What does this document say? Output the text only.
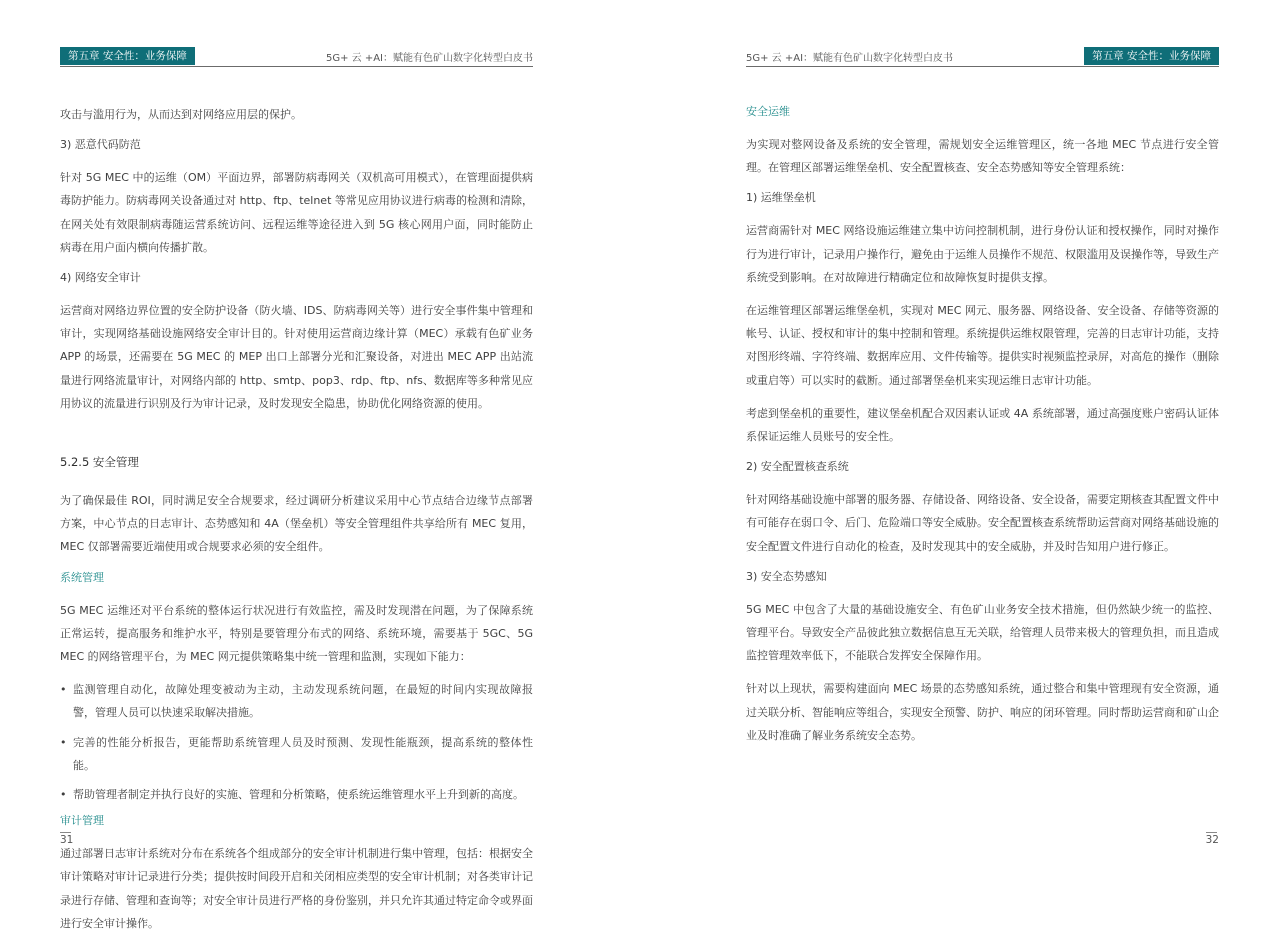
第五章 安全性：业务保障	5G+ 云 +AI：赋能有色矿山数字化转型白皮书

攻击与滥用行为，从而达到对网络应用层的保护。

3) 恶意代码防范

针对 5G MEC 中的运维（OM）平面边界，部署防病毒网关（双机高可用模式），在管理面提供病毒防护能力。防病毒网关设备通过对 http、ftp、telnet 等常见应用协议进行病毒的检测和清除，在网关处有效限制病毒随运营系统访问、远程运维等途径进入到 5G 核心网用户面，同时能防止病毒在用户面内横向传播扩散。

4) 网络安全审计

运营商对网络边界位置的安全防护设备（防火墙、IDS、防病毒网关等）进行安全事件集中管理和审计，实现网络基础设施网络安全审计目的。针对使用运营商边缘计算（MEC）承载有色矿业务 APP 的场景，还需要在 5G MEC 的 MEP 出口上部署分光和汇聚设备，对进出 MEC APP 出站流量进行网络流量审计，对网络内部的 http、smtp、pop3、rdp、ftp、nfs、数据库等多种常见应用协议的流量进行识别及行为审计记录，及时发现安全隐患，协助优化网络资源的使用。

5.2.5 安全管理

为了确保最佳 ROI，同时满足安全合规要求，经过调研分析建议采用中心节点结合边缘节点部署方案，中心节点的日志审计、态势感知和 4A（堡垒机）等安全管理组件共享给所有 MEC 复用，MEC 仅部署需要近端使用或合规要求必须的安全组件。

系统管理

5G MEC 运维还对平台系统的整体运行状况进行有效监控，需及时发现潜在问题，为了保障系统正常运转，提高服务和维护水平，特别是要管理分布式的网络、系统环境，需要基于 5GC、5G MEC 的网络管理平台，为 MEC 网元提供策略集中统一管理和监测，实现如下能力：

• 监测管理自动化，故障处理变被动为主动，主动发现系统问题，在最短的时间内实现故障报警，管理人员可以快速采取解决措施。
• 完善的性能分析报告，更能帮助系统管理人员及时预测、发现性能瓶颈，提高系统的整体性能。
• 帮助管理者制定并执行良好的实施、管理和分析策略，使系统运维管理水平上升到新的高度。
审计管理

通过部署日志审计系统对分布在系统各个组成部分的安全审计机制进行集中管理，包括：根据安全审计策略对审计记录进行分类；提供按时间段开启和关闭相应类型的安全审计机制；对各类审计记录进行存储、管理和查询等；对安全审计员进行严格的身份鉴别，并只允许其通过特定命令或界面进行安全审计操作。

31
5G+ 云 +AI：赋能有色矿山数字化转型白皮书	第五章 安全性：业务保障
安全运维

为实现对整网设备及系统的安全管理，需规划安全运维管理区，统一各地 MEC 节点进行安全管理。在管理区部署运维堡垒机、安全配置核查、安全态势感知等安全管理系统：

1) 运维堡垒机

运营商需针对 MEC 网络设施运维建立集中访问控制机制，进行身份认证和授权操作，同时对操作行为进行审计，记录用户操作行，避免由于运维人员操作不规范、权限滥用及误操作等，导致生产系统受到影响。在对故障进行精确定位和故障恢复时提供支撑。

在运维管理区部署运维堡垒机，实现对 MEC 网元、服务器、网络设备、安全设备、存储等资源的帐号、认证、授权和审计的集中控制和管理。系统提供运维权限管理，完善的日志审计功能，支持对图形终端、字符终端、数据库应用、文件传输等。提供实时视频监控录屏，对高危的操作（删除或重启等）可以实时的截断。通过部署堡垒机来实现运维日志审计功能。

考虑到堡垒机的重要性，建议堡垒机配合双因素认证或 4A 系统部署，通过高强度账户密码认证体系保证运维人员账号的安全性。

2) 安全配置核查系统

针对网络基础设施中部署的服务器、存储设备、网络设备、安全设备，需要定期核查其配置文件中有可能存在弱口令、后门、危险端口等安全威胁。安全配置核查系统帮助运营商对网络基础设施的安全配置文件进行自动化的检查，及时发现其中的安全威胁，并及时告知用户进行修正。

3) 安全态势感知

5G MEC 中包含了大量的基础设施安全、有色矿山业务安全技术措施，但仍然缺少统一的监控、管理平台。导致安全产品彼此独立数据信息互无关联，给管理人员带来极大的管理负担，而且造成监控管理效率低下，不能联合发挥安全保障作用。

针对以上现状，需要构建面向 MEC 场景的态势感知系统，通过整合和集中管理现有安全资源，通过关联分析、智能响应等组合，实现安全预警、防护、响应的闭环管理。同时帮助运营商和矿山企业及时准确了解业务系统安全态势。

32
